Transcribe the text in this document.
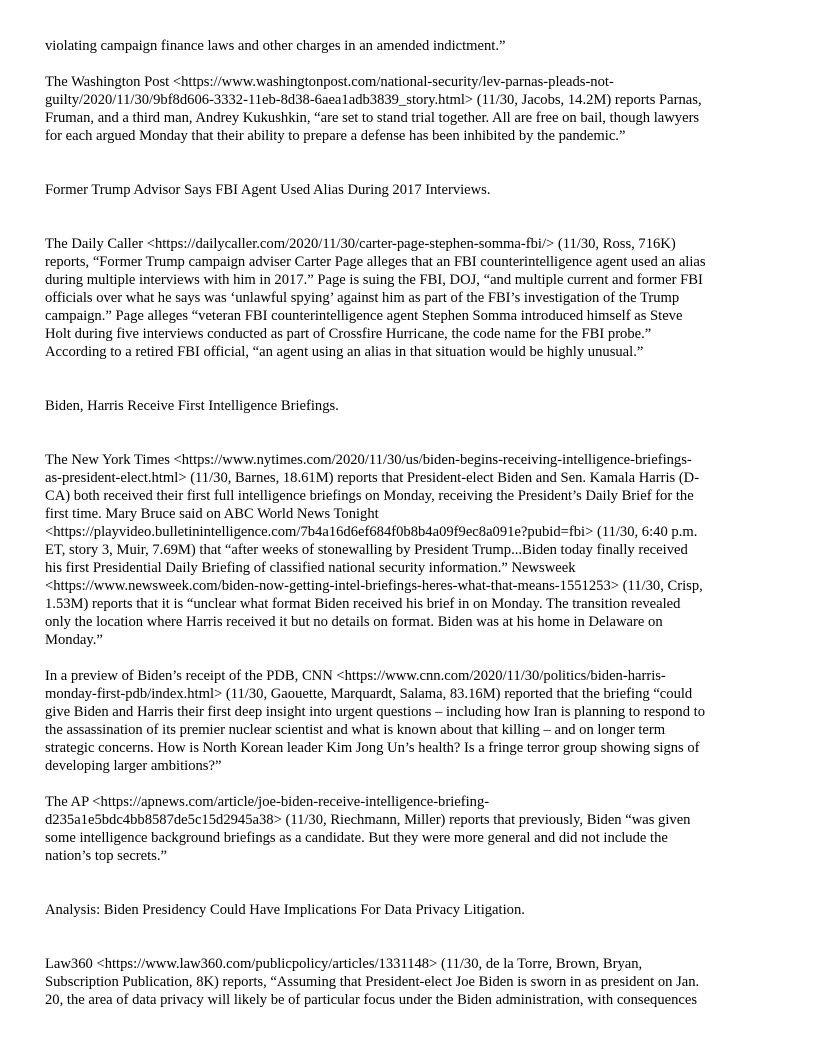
violating campaign finance laws and other charges in an amended indictment.”

The Washington Post <https://www.washingtonpost.com/national-security/lev-parnas-pleads-not-
guilty/2020/11/30/9bf8d606-3332-11eb-8d38-6aea1adb3839_story.html> (11/30, Jacobs, 14.2M) reports Parnas,
Fruman, and a third man, Andrey Kukushkin, “are set to stand trial together. All are free on bail, though lawyers
for each argued Monday that their ability to prepare a defense has been inhibited by the pandemic.”

Former Trump Advisor Says FBI Agent Used Alias During 2017 Interviews.

The Daily Caller <https://dailycaller.com/2020/11/30/carter-page-stephen-somma-fbi/> (11/30, Ross, 716K)
reports, “Former Trump campaign adviser Carter Page alleges that an FBI counterintelligence agent used an alias
during multiple interviews with him in 2017.” Page is suing the FBI, DOJ, “and multiple current and former FBI
officials over what he says was ‘unlawful spying’ against him as part of the FBI’s investigation of the Trump
campaign.” Page alleges “veteran FBI counterintelligence agent Stephen Somma introduced himself as Steve
Holt during five interviews conducted as part of Crossfire Hurricane, the code name for the FBI probe.”
According to a retired FBI official, “an agent using an alias in that situation would be highly unusual.”

Biden, Harris Receive First Intelligence Briefings.

The New York Times <https://www.nytimes.com/2020/11/30/us/biden-begins-receiving-intelligence-briefings-
as-president-elect.html> (11/30, Barnes, 18.61M) reports that President-elect Biden and Sen. Kamala Harris (D-
CA) both received their first full intelligence briefings on Monday, receiving the President’s Daily Brief for the
first time. Mary Bruce said on ABC World News Tonight
<https://playvideo.bulletinintelligence.com/7b4a16d6ef684f0b8b4a09f9ec8a091e?pubid=fbi> (11/30, 6:40 p.m.
ET, story 3, Muir, 7.69M) that “after weeks of stonewalling by President Trump...Biden today finally received
his first Presidential Daily Briefing of classified national security information.” Newsweek
<https://www.newsweek.com/biden-now-getting-intel-briefings-heres-what-that-means-1551253> (11/30, Crisp,
1.53M) reports that it is “unclear what format Biden received his brief in on Monday. The transition revealed
only the location where Harris received it but no details on format. Biden was at his home in Delaware on
Monday.”

In a preview of Biden’s receipt of the PDB, CNN <https://www.cnn.com/2020/11/30/politics/biden-harris-
monday-first-pdb/index.html> (11/30, Gaouette, Marquardt, Salama, 83.16M) reported that the briefing “could
give Biden and Harris their first deep insight into urgent questions – including how Iran is planning to respond to
the assassination of its premier nuclear scientist and what is known about that killing – and on longer term
strategic concerns. How is North Korean leader Kim Jong Un’s health? Is a fringe terror group showing signs of
developing larger ambitions?”

The AP <https://apnews.com/article/joe-biden-receive-intelligence-briefing-
d235a1e5bdc4bb8587de5c15d2945a38> (11/30, Riechmann, Miller) reports that previously, Biden “was given
some intelligence background briefings as a candidate. But they were more general and did not include the
nation’s top secrets.”

Analysis: Biden Presidency Could Have Implications For Data Privacy Litigation.

Law360 <https://www.law360.com/publicpolicy/articles/1331148> (11/30, de la Torre, Brown, Bryan,
Subscription Publication, 8K) reports, “Assuming that President-elect Joe Biden is sworn in as president on Jan.
20, the area of data privacy will likely be of particular focus under the Biden administration, with consequences
